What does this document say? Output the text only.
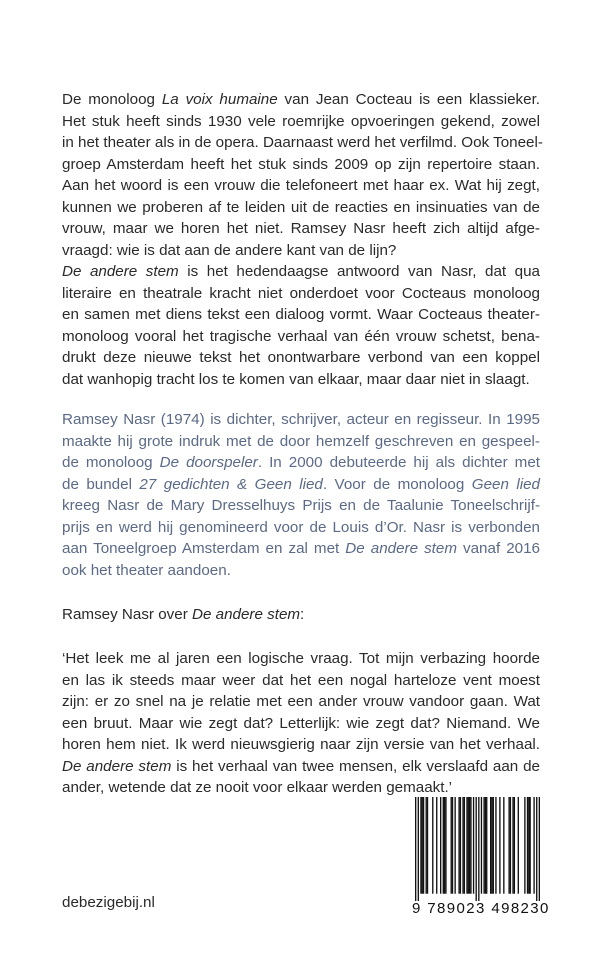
De monoloog La voix humaine van Jean Cocteau is een klassieker.
Het stuk heeft sinds 1930 vele roemrijke opvoeringen gekend, zowel
in het theater als in de opera. Daarnaast werd het verfilmd. Ook Toneel-
groep Amsterdam heeft het stuk sinds 2009 op zijn repertoire staan.
Aan het woord is een vrouw die telefoneert met haar ex. Wat hij zegt,
kunnen we proberen af te leiden uit de reacties en insinuaties van de
vrouw, maar we horen het niet. Ramsey Nasr heeft zich altijd afge-
vraagd: wie is dat aan de andere kant van de lijn?
De andere stem is het hedendaagse antwoord van Nasr, dat qua
literaire en theatrale kracht niet onderdoet voor Cocteaus monoloog
en samen met diens tekst een dialoog vormt. Waar Cocteaus theater-
monoloog vooral het tragische verhaal van één vrouw schetst, bena-
drukt deze nieuwe tekst het onontwarbare verbond van een koppel
dat wanhopig tracht los te komen van elkaar, maar daar niet in slaagt.
Ramsey Nasr (1974) is dichter, schrijver, acteur en regisseur. In 1995
maakte hij grote indruk met de door hemzelf geschreven en gespeel-
de monoloog De doorspeler. In 2000 debuteerde hij als dichter met
de bundel 27 gedichten & Geen lied. Voor de monoloog Geen lied
kreeg Nasr de Mary Dresselhuys Prijs en de Taalunie Toneelschrijf-
prijs en werd hij genomineerd voor de Louis d’Or. Nasr is verbonden
aan Toneelgroep Amsterdam en zal met De andere stem vanaf 2016
ook het theater aandoen.
Ramsey Nasr over De andere stem:
‘Het leek me al jaren een logische vraag. Tot mijn verbazing hoorde
en las ik steeds maar weer dat het een nogal harteloze vent moest
zijn: er zo snel na je relatie met een ander vrouw vandoor gaan. Wat
een bruut. Maar wie zegt dat? Letterlijk: wie zegt dat? Niemand. We
horen hem niet. Ik werd nieuwsgierig naar zijn versie van het verhaal.
De andere stem is het verhaal van twee mensen, elk verslaafd aan de
ander, wetende dat ze nooit voor elkaar werden gemaakt.’
debezigebij.nl	9 789023 498230
